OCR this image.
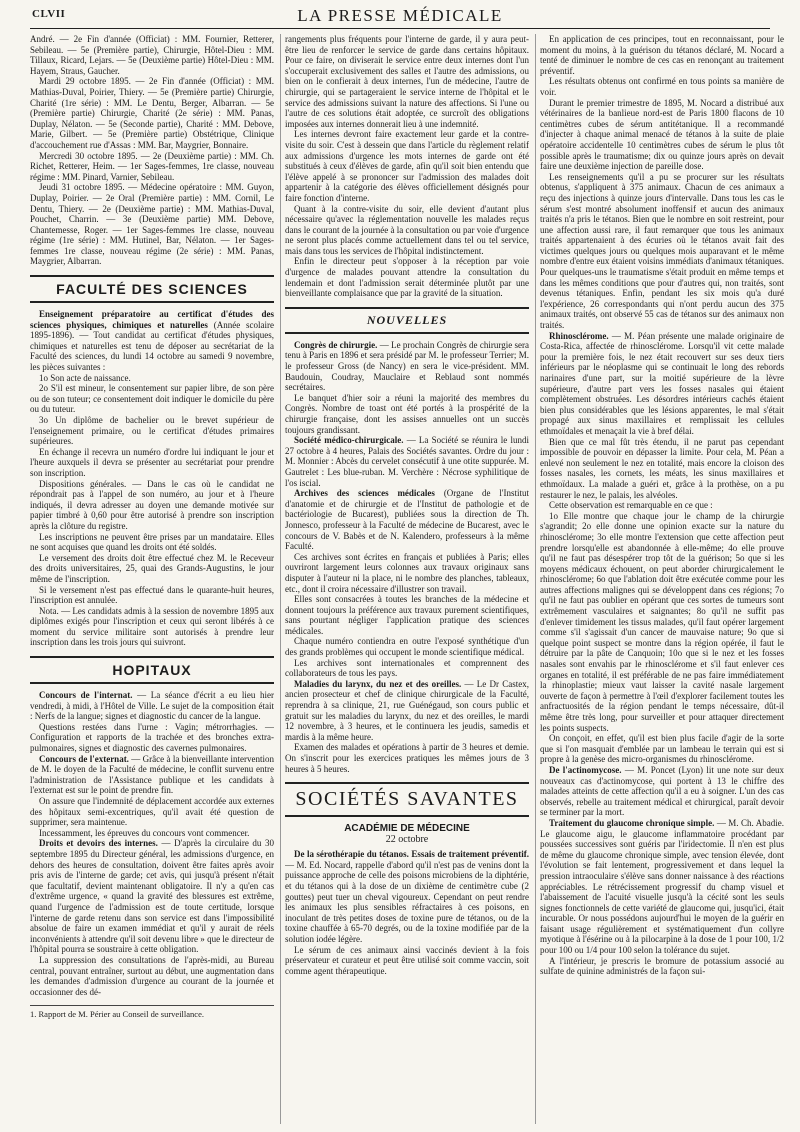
CLVII	LA PRESSE MÉDICALE

André. — 2e Fin d'année (Officiat) : MM. Fournier, Retterer, Sebileau. — 5e (Première partie), Chirurgie, Hôtel-Dieu : MM. Tillaux, Ricard, Lejars. — 5e (Deuxième partie) Hôtel-Dieu : MM. Hayem, Straus, Gaucher.

Mardi 29 octobre 1895. — 2e Fin d'année (Officiat) : MM. Mathias-Duval, Poirier, Thiery. — 5e (Première partie) Chirurgie, Charité (1re série) : MM. Le Dentu, Berger, Albarran. — 5e (Première partie) Chirurgie, Charité (2e série) : MM. Panas, Duplay, Nélaton. — 5e (Seconde partie), Charité : MM. Debove, Marie, Gilbert. — 5e (Première partie) Obstétrique, Clinique d'accouchement rue d'Assas : MM. Bar, Maygrier, Bonnaire.

Mercredi 30 octobre 1895. — 2e (Deuxième partie) : MM. Ch. Richet, Retterer, Heim. — 1er Sages-femmes, 1re classe, nouveau régime : MM. Pinard, Varnier, Sebileau.

Jeudi 31 octobre 1895. — Médecine opératoire : MM. Guyon, Duplay, Poirier. — 2e Oral (Première partie) : MM. Cornil, Le Dentu, Thiery. — 2e (Deuxième partie) : MM. Mathias-Duval, Pouchet, Charrin. — 3e (Deuxième partie) MM. Debove, Chantemesse, Roger. — 1er Sages-femmes 1re classe, nouveau régime (1re série) : MM. Hutinel, Bar, Nélaton. — 1er Sages-femmes 1re classe, nouveau régime (2e série) : MM. Panas, Maygrier, Albarran.

FACULTÉ DES SCIENCES

Enseignement préparatoire au certificat d'études des sciences physiques, chimiques et naturelles (Année scolaire 1895-1896). — Tout candidat au certificat d'études physiques, chimiques et naturelles est tenu de déposer au secrétariat de la Faculté des sciences, du lundi 14 octobre au samedi 9 novembre, les pièces suivantes :

1o Son acte de naissance.

2o S'il est mineur, le consentement sur papier libre, de son père ou de son tuteur; ce consentement doit indiquer le domicile du père ou du tuteur.

3o Un diplôme de bachelier ou le brevet supérieur de l'enseignement primaire, ou le certificat d'études primaires supérieures.

En échange il recevra un numéro d'ordre lui indiquant le jour et l'heure auxquels il devra se présenter au secrétariat pour prendre son inscription.

Dispositions générales. — Dans le cas où le candidat ne répondrait pas à l'appel de son numéro, au jour et à l'heure indiqués, il devra adresser au doyen une demande motivée sur papier timbré à 0,60 pour être autorisé à prendre son inscription après la clôture du registre.

Les inscriptions ne peuvent être prises par un mandataire. Elles ne sont acquises que quand les droits ont été soldés.

Le versement des droits doit être effectué chez M. le Receveur des droits universitaires, 25, quai des Grands-Augustins, le jour même de l'inscription.

Si le versement n'est pas effectué dans le quarante-huit heures, l'inscription est annulée.

Nota. — Les candidats admis à la session de novembre 1895 aux diplômes exigés pour l'inscription et ceux qui seront libérés à ce moment du service militaire sont autorisés à prendre leur inscription dans les trois jours qui suivront.

HOPITAUX

Concours de l'internat. — La séance d'écrit a eu lieu hier vendredi, à midi, à l'Hôtel de Ville. Le sujet de la composition était : Nerfs de la langue; signes et diagnostic du cancer de la langue.

Questions restées dans l'urne : Vagin; métrorrhagies. — Configuration et rapports de la trachée et des bronches extra-pulmonaires, signes et diagnostic des cavernes pulmonaires.

Concours de l'externat. — Grâce à la bienveillante intervention de M. le doyen de la Faculté de médecine, le conflit survenu entre l'administration de l'Assistance publique et les candidats à l'externat est sur le point de prendre fin.

On assure que l'indemnité de déplacement accordée aux externes des hôpitaux semi-excentriques, qu'il avait été question de supprimer, sera maintenue.

Incessamment, les épreuves du concours vont commencer.

Droits et devoirs des internes. — D'après la circulaire du 30 septembre 1895 du Directeur général, les admissions d'urgence, en dehors des heures de consultation, doivent être faites après avoir pris avis de l'interne de garde; cet avis, qui jusqu'à présent n'était que facultatif, devient maintenant obligatoire. Il n'y a qu'en cas d'extrême urgence, « quand la gravité des blessures est extrême, quand l'urgence de l'admission est de toute certitude, lorsque l'interne de garde retenu dans son service est dans l'impossibilité absolue de faire un examen immédiat et qu'il y aurait de réels inconvénients à attendre qu'il soit devenu libre » que le directeur de l'hôpital pourra se soustraire à cette obligation.

La suppression des consultations de l'après-midi, au Bureau central, pouvant entraîner, surtout au début, une augmentation dans les demandes d'admission d'urgence au courant de la journée et occasionner des dé-

1. Rapport de M. Périer au Conseil de surveillance.

rangements plus fréquents pour l'interne de garde, il y aura peut-être lieu de renforcer le service de garde dans certains hôpitaux. Pour ce faire, on diviserait le service entre deux internes dont l'un s'occuperait exclusivement des salles et l'autre des admissions, ou bien on le confierait à deux internes, l'un de médecine, l'autre de chirurgie, qui se partageraient le service interne de l'hôpital et le service des admissions suivant la nature des affections. Si l'une ou l'autre de ces solutions était adoptée, ce surcroît des obligations imposées aux internes donnerait lieu à une indemnité.

Les internes devront faire exactement leur garde et la contre-visite du soir. C'est à dessein que dans l'article du règlement relatif aux admissions d'urgence les mots internes de garde ont été substitués à ceux d'élèves de garde, afin qu'il soit bien entendu que l'élève appelé à se prononcer sur l'admission des malades doit appartenir à la catégorie des élèves officiellement désignés pour faire fonction d'interne.

Quant à la contre-visite du soir, elle devient d'autant plus nécessaire qu'avec la réglementation nouvelle les malades reçus dans le courant de la journée à la consultation ou par voie d'urgence ne seront plus placés comme actuellement dans tel ou tel service, mais dans tous les services de l'hôpital indistinctement.

Enfin le directeur peut s'opposer à la réception par voie d'urgence de malades pouvant attendre la consultation du lendemain et dont l'admission serait déterminée plutôt par une bienveillante complaisance que par la gravité de la situation.

NOUVELLES

Congrès de chirurgie. — Le prochain Congrès de chirurgie sera tenu à Paris en 1896 et sera présidé par M. le professeur Terrier; M. le professeur Gross (de Nancy) en sera le vice-président. MM. Baudouin, Coudray, Mauclaire et Reblaud sont nommés secrétaires.

Le banquet d'hier soir a réuni la majorité des membres du Congrès. Nombre de toast ont été portés à la prospérité de la chirurgie française, dont les assises annuelles ont un succès toujours grandissant.

Société médico-chirurgicale. — La Société se réunira le lundi 27 octobre à 4 heures, Palais des Sociétés savantes. Ordre du jour : M. Monnier : Abcès du cervelet consécutif à une otite suppurée. M. Gautrelet : Les blue-ruban. M. Verchère : Nécrose syphilitique de l'os iscial.

Archives des sciences médicales (Organe de l'Institut d'anatomie et de chirurgie et de l'Institut de pathologie et de bactériologie de Bucarest), publiées sous la direction de Th. Jonnesco, professeur à la Faculté de médecine de Bucarest, avec le concours de V. Babès et de N. Kalendero, professeurs à la même Faculté.

Ces archives sont écrites en français et publiées à Paris; elles ouvriront largement leurs colonnes aux travaux originaux sans disputer à l'auteur ni la place, ni le nombre des planches, tableaux, etc., dont il croira nécessaire d'illustrer son travail.

Elles sont consacrées à toutes les branches de la médecine et donnent toujours la préférence aux travaux purement scientifiques, sans pourtant négliger l'application pratique des sciences médicales.

Chaque numéro contiendra en outre l'exposé synthétique d'un des grands problèmes qui occupent le monde scientifique médical.

Les archives sont internationales et comprennent des collaborateurs de tous les pays.

Maladies du larynx, du nez et des oreilles. — Le Dr Castex, ancien prosecteur et chef de clinique chirurgicale de la Faculté, reprendra à sa clinique, 21, rue Guénégaud, son cours public et gratuit sur les maladies du larynx, du nez et des oreilles, le mardi 12 novembre, à 3 heures, et le continuera les jeudis, samedis et mardis à la même heure.

Examen des malades et opérations à partir de 3 heures et demie. On s'inscrit pour les exercices pratiques les mêmes jours de 3 heures à 5 heures.

SOCIÉTÉS SAVANTES
ACADÉMIE DE MÉDECINE
22 octobre

De la sérothérapie du tétanos. Essais de traitement préventif. — M. Ed. Nocard, rappelle d'abord qu'il n'est pas de venins dont la puissance approche de celle des poisons microbiens de la diphtérie, et du tétanos qui à la dose de un dixième de centimètre cube (2 gouttes) peut tuer un cheval vigoureux. Cependant on peut rendre les animaux les plus sensibles réfractaires à ces poisons, en inoculant de très petites doses de toxine pure de tétanos, ou de la toxine chauffée à 65-70 degrés, ou de la toxine modifiée par de la solution iodée légère.

Le sérum de ces animaux ainsi vaccinés devient à la fois préservateur et curateur et peut être utilisé soit comme vaccin, soit comme agent thérapeutique.

En application de ces principes, tout en reconnaissant, pour le moment du moins, à la guérison du tétanos déclaré, M. Nocard a tenté de diminuer le nombre de ces cas en renonçant au traitement préventif.

Les résultats obtenus ont confirmé en tous points sa manière de voir.

Durant le premier trimestre de 1895, M. Nocard a distribué aux vétérinaires de la banlieue nord-est de Paris 1800 flacons de 10 centimètres cubes de sérum antitétanique. Il a recommandé d'injecter à chaque animal menacé de tétanos à la suite de plaie opératoire accidentelle 10 centimètres cubes de sérum le plus tôt possible après le traumatisme; dix ou quinze jours après on devait faire une deuxième injection de pareille dose.

Les renseignements qu'il a pu se procurer sur les résultats obtenus, s'appliquent à 375 animaux. Chacun de ces animaux a reçu des injections à quinze jours d'intervalle. Dans tous les cas le sérum s'est montré absolument inoffensif et aucun des animaux traités n'a pris le tétanos. Bien que le nombre en soit restreint, pour une affection aussi rare, il faut remarquer que tous les animaux traités appartenaient à des écuries où le tétanos avait fait des victimes quelques jours ou quelques mois auparavant et le même nombre d'entre eux étaient voisins immédiats d'animaux tétaniques. Pour quelques-uns le traumatisme s'était produit en même temps et dans les mêmes conditions que pour d'autres qui, non traités, sont devenus tétaniques. Enfin, pendant les six mois qu'a duré l'expérience, 26 correspondants qui n'ont perdu aucun des 375 animaux traités, ont observé 55 cas de tétanos sur des animaux non traités.

Rhinosclérome. — M. Péan présente une malade originaire de Costa-Rica, affectée de rhinosclérome. Lorsqu'il vit cette malade pour la première fois, le nez était recouvert sur ses deux tiers inférieurs par le néoplasme qui se continuait le long des rebords narinaires d'une part, sur la moitié supérieure de la lèvre supérieure, d'autre part vers les fosses nasales qui étaient complètement obstruées. Les désordres intérieurs cachés étaient bien plus considérables que les lésions apparentes, le mal s'était propagé aux sinus maxillaires et remplissait les cellules ethmoïdales et menaçait la vie à bref délai.

Bien que ce mal fût très étendu, il ne parut pas cependant impossible de pouvoir en dépasser la limite. Pour cela, M. Péan a enlevé non seulement le nez en totalité, mais encore la cloison des fosses nasales, les cornets, les méats, les sinus maxillaires et ethmoïdaux. La malade a guéri et, grâce à la prothèse, on a pu restaurer le nez, le palais, les alvéoles.

Cette observation est remarquable en ce que :

1o Elle montre que chaque jour le champ de la chirurgie s'agrandit; 2o elle donne une opinion exacte sur la nature du rhinosclérome; 3o elle montre l'extension que cette affection peut prendre lorsqu'elle est abandonnée à elle-même; 4o elle prouve qu'il ne faut pas désespérer trop tôt de la guérison; 5o que si les moyens médicaux échouent, on peut aborder chirurgicalement le rhinosclérome; 6o que l'ablation doit être exécutée comme pour les autres affections malignes qui se développent dans ces régions; 7o qu'il ne faut pas oublier en opérant que ces sortes de tumeurs sont extrêmement vasculaires et saignantes; 8o qu'il ne suffit pas d'enlever timidement les tissus malades, qu'il faut opérer largement comme s'il s'agissait d'un cancer de mauvaise nature; 9o que si quelque point suspect se montre dans la région opérée, il faut le détruire par la pâte de Canquoin; 10o que si le nez et les fosses nasales sont envahis par le rhinosclérome et s'il faut enlever ces organes en totalité, il est préférable de ne pas faire immédiatement la rhinoplastie; mieux vaut laisser la cavité nasale largement ouverte de façon à permettre à l'œil d'explorer facilement toutes les anfractuosités de la région pendant le temps nécessaire, dût-il même être très long, pour surveiller et pour attaquer directement les points suspects.

On conçoit, en effet, qu'il est bien plus facile d'agir de la sorte que si l'on masquait d'emblée par un lambeau le terrain qui est si propre à la genèse des micro-organismes du rhinosclérome.

De l'actinomycose. — M. Poncet (Lyon) lit une note sur deux nouveaux cas d'actinomycose, qui portent à 13 le chiffre des malades atteints de cette affection qu'il a eu à soigner. L'un des cas observés, rebelle au traitement médical et chirurgical, paraît devoir se terminer par la mort.

Traitement du glaucome chronique simple. — M. Ch. Abadie. Le glaucome aigu, le glaucome inflammatoire procédant par poussées successives sont guéris par l'iridectomie. Il n'en est plus de même du glaucome chronique simple, avec tension élevée, dont l'évolution se fait lentement, progressivement et dans lequel la pression intraoculaire s'élève sans donner naissance à des réactions appréciables. Le rétrécissement progressif du champ visuel et l'abaissement de l'acuité visuelle jusqu'à la cécité sont les seuls signes fonctionnels de cette variété de glaucome qui, jusqu'ici, était incurable. Or nous possédons aujourd'hui le moyen de la guérir en faisant usage régulièrement et systématiquement d'un collyre myotique à l'ésérine ou à la pilocarpine à la dose de 1 pour 100, 1/2 pour 100 ou 1/4 pour 100 selon la tolérance du sujet.

A l'intérieur, je prescris le bromure de potassium associé au sulfate de quinine administrés de la façon sui-
